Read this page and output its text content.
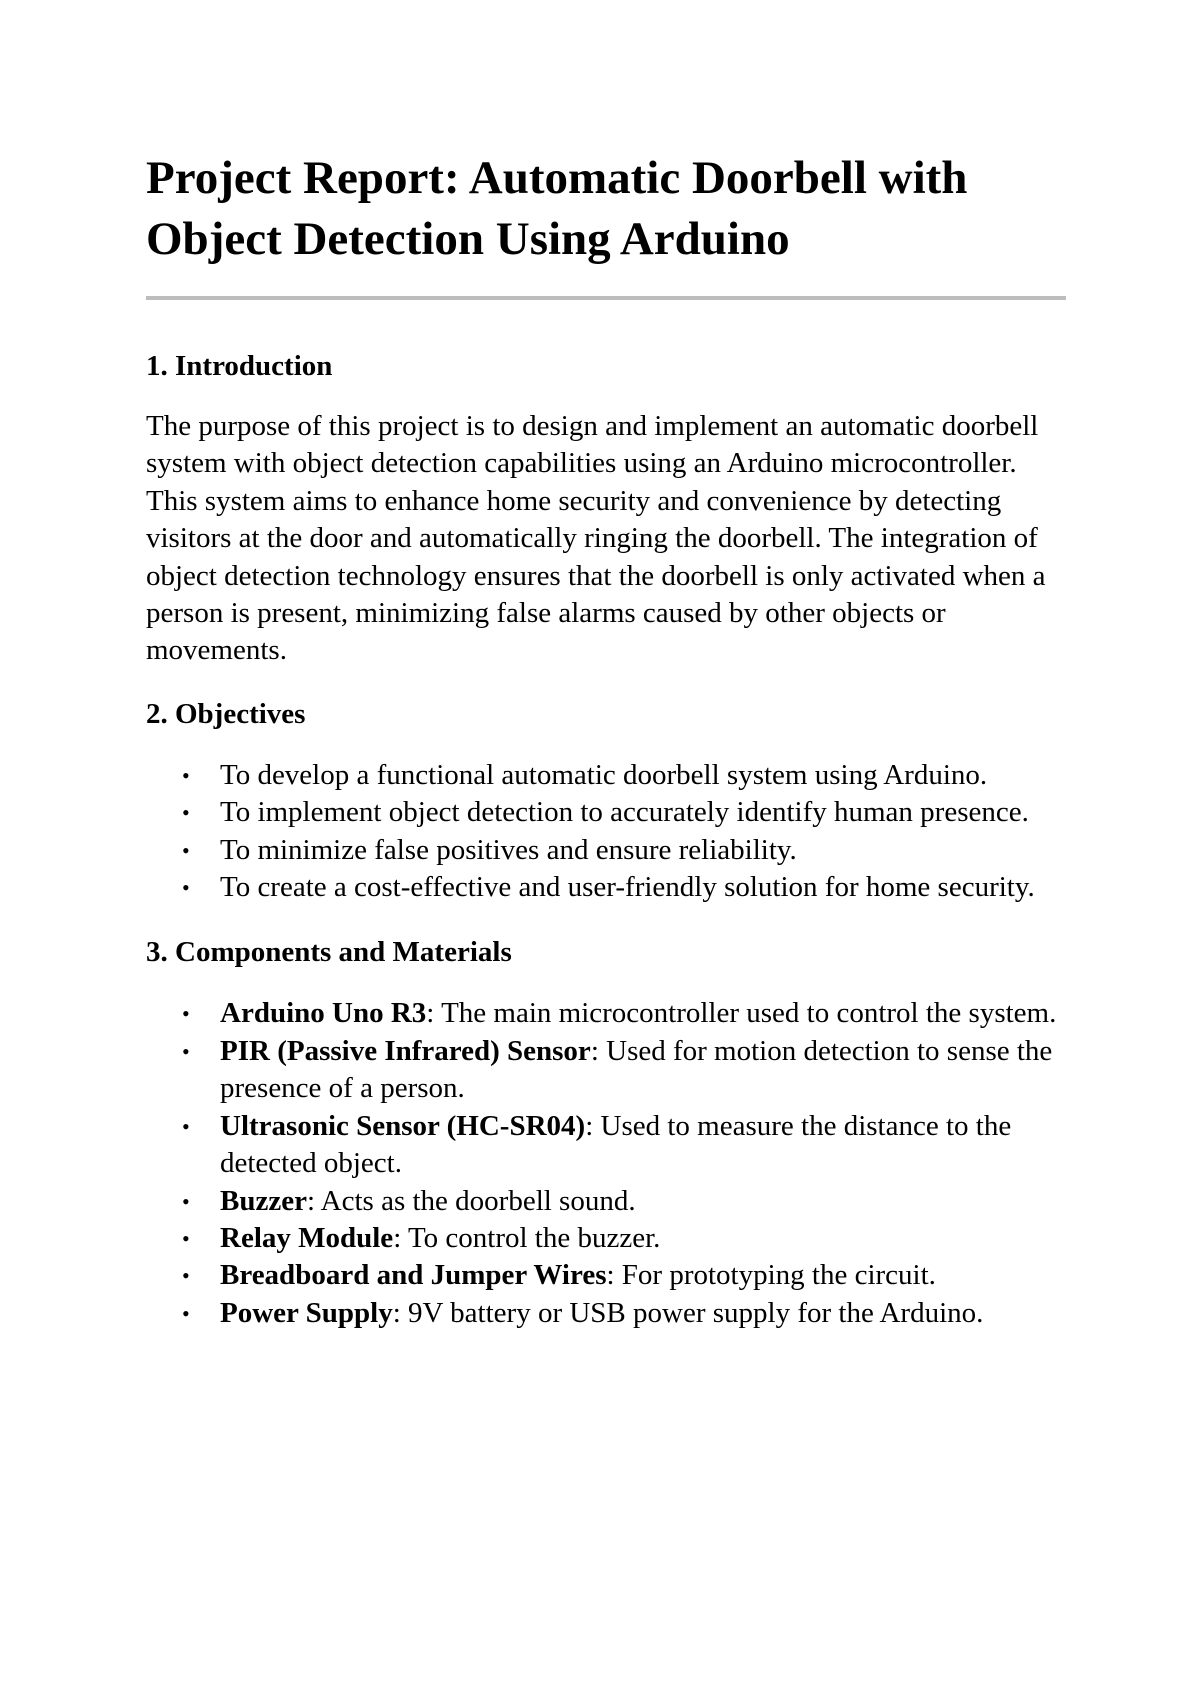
Project Report: Automatic Doorbell with Object Detection Using Arduino
1. Introduction

The purpose of this project is to design and implement an automatic doorbell system with object detection capabilities using an Arduino microcontroller. This system aims to enhance home security and convenience by detecting visitors at the door and automatically ringing the doorbell. The integration of object detection technology ensures that the doorbell is only activated when a person is present, minimizing false alarms caused by other objects or movements.

2. Objectives
• To develop a functional automatic doorbell system using Arduino.
• To implement object detection to accurately identify human presence.
• To minimize false positives and ensure reliability.
• To create a cost-effective and user-friendly solution for home security.
3. Components and Materials
• Arduino Uno R3: The main microcontroller used to control the system.
• PIR (Passive Infrared) Sensor: Used for motion detection to sense the presence of a person.
• Ultrasonic Sensor (HC-SR04): Used to measure the distance to the detected object.
• Buzzer: Acts as the doorbell sound.
• Relay Module: To control the buzzer.
• Breadboard and Jumper Wires: For prototyping the circuit.
• Power Supply: 9V battery or USB power supply for the Arduino.
